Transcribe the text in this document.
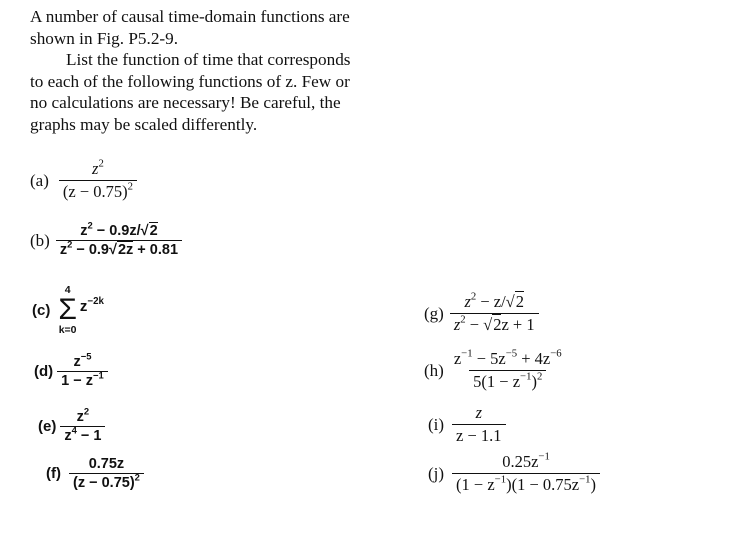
A number of causal time-domain functions are

shown in Fig. P5.2-9.

List the function of time that corresponds

to each of the following functions of z. Few or

no calculations are necessary! Be careful, the

graphs may be scaled differently.

$(a) \frac{z^2}{(z - 0.75)^2}$
$(b) \frac{z^2 - 0.9z/√2}{z^2 - 0.9√2z + 0.81}$
(c)
4
Σ
k=0
$z^{-2k}$
$(d) \frac{z^{-5}}{1 - z^{-1}}$
$(e) \frac{z^2}{z^4 - 1}$
$(f) \frac{0.75z}{(z - 0.75)^2}$
$(g) \frac{z^2 - z/√2}{z^2 - √2z + 1}$
$(h) \frac{z^{-1} - 5z^{-5} + 4z^{-6}}{5(1 - z^{-1})^2}$
$(i) \frac{z}{z - 1.1}$
$(j) \frac{0.25z^{-1}}{(1 - z^{-1})(1 - 0.75z^{-1})}$
